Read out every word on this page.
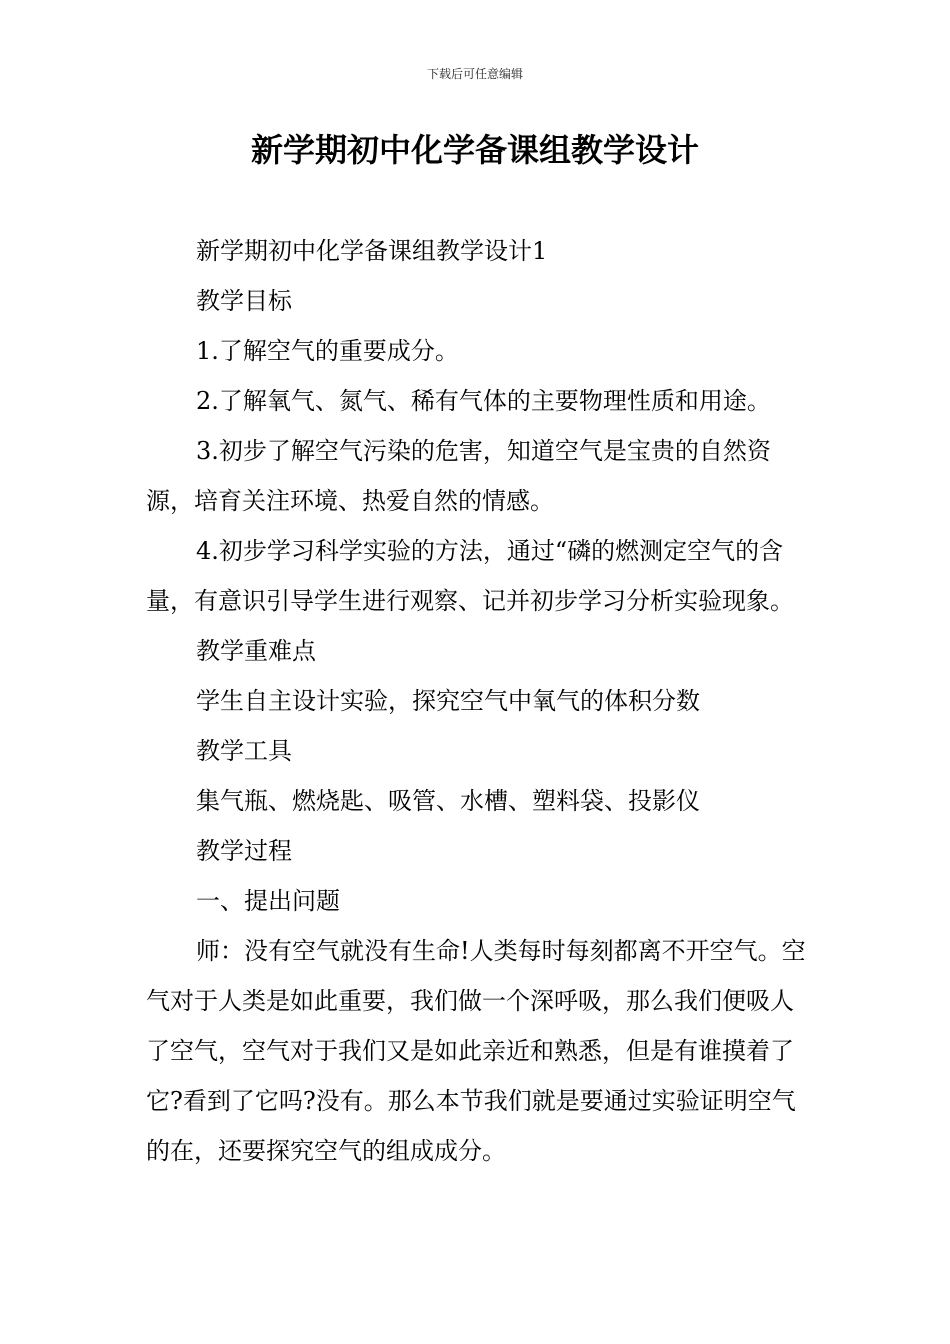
下载后可任意编辑
新学期初中化学备课组教学设计

新学期初中化学备课组教学设计1

教学目标

1.了解空气的重要成分。

2.了解氧气、氮气、稀有气体的主要物理性质和用途。

3.初步了解空气污染的危害，知道空气是宝贵的自然资源，培育关注环境、热爱自然的情感。

4.初步学习科学实验的方法，通过“磷的燃测定空气的含量，有意识引导学生进行观察、记并初步学习分析实验现象。

教学重难点

学生自主设计实验，探究空气中氧气的体积分数

教学工具

集气瓶、燃烧匙、吸管、水槽、塑料袋、投影仪

教学过程

一、提出问题

师：没有空气就没有生命!人类每时每刻都离不开空气。空气对于人类是如此重要，我们做一个深呼吸，那么我们便吸人了空气，空气对于我们又是如此亲近和熟悉，但是有谁摸着了它?看到了它吗?没有。那么本节我们就是要通过实验证明空气的在，还要探究空气的组成成分。
